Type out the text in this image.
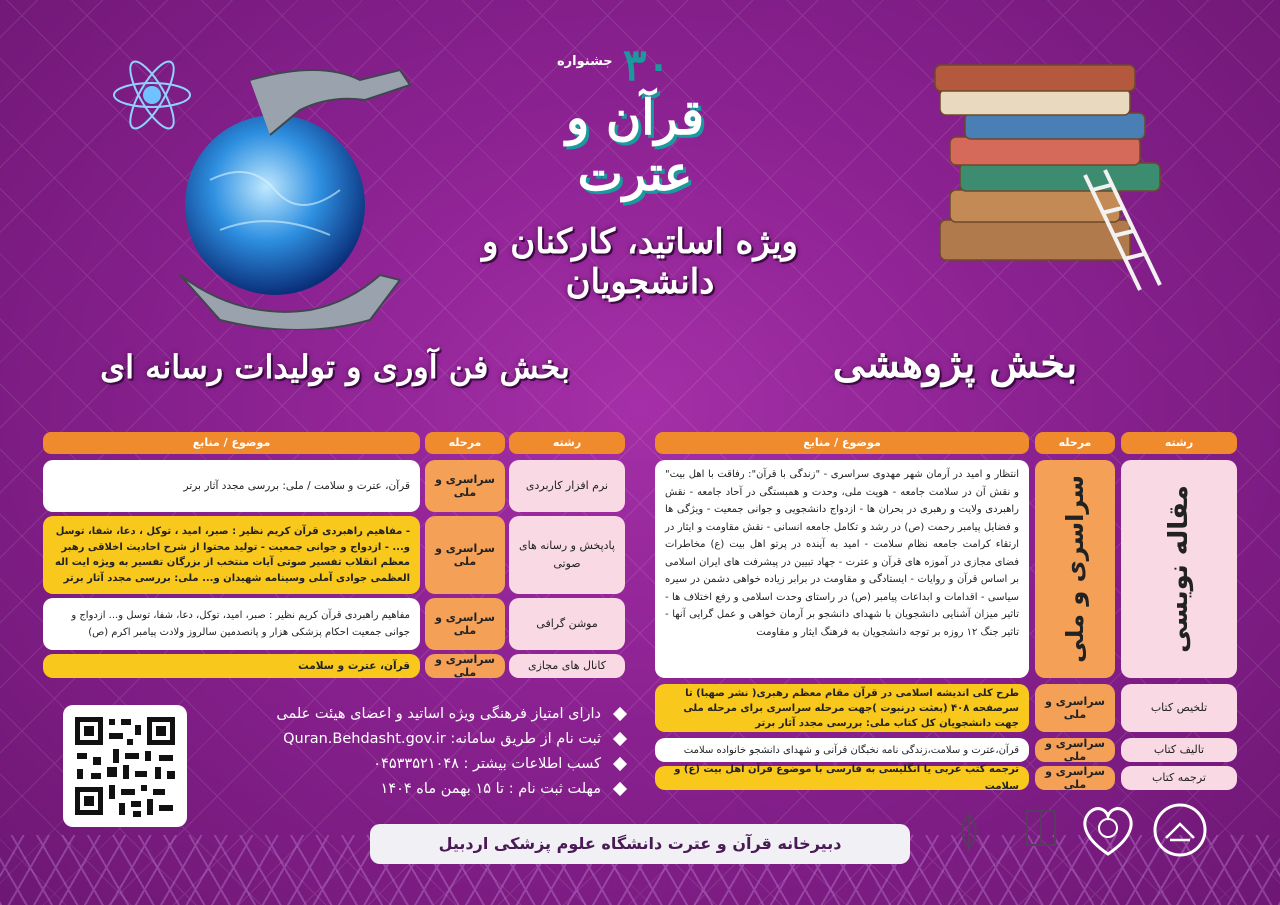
۳۰
جشنواره
قرآن و عترت
ویژه اساتید، کارکنان و دانشجویان
بخش پژوهشی
بخش فن آوری و تولیدات رسانه ای
رشته
مرحله
موضوع / منابع
نرم افزار کاربردی
سراسری و ملی
قرآن، عترت و سلامت / ملی: بررسی مجدد آثار برتر
پادپخش و رسانه های صوتی
سراسری و ملی
- مفاهیم راهبردی قرآن کریم نظیر : صبر، امید ، توکل ، دعا، شفا، توسل و... - ازدواج و جوانی جمعیت - تولید محتوا از شرح احادیث اخلاقی رهبر معظم انقلاب تفسیر صوتی آیات منتخب از بزرگان تفسیر به ویژه ایت اله العظمی جوادی آملی وسینامه شهیدان و... ملی: بررسی مجدد آثار برتر
موشن گرافی
سراسری و ملی
مفاهیم راهبردی قرآن کریم نظیر : صبر، امید، توکل، دعا، شفا، توسل و... ازدواج و جوانی جمعیت احکام پزشکی هزار و پانصدمین سالروز ولادت پیامبر اکرم (ص)
کانال های مجازی
سراسری و ملی
قرآن، عترت و سلامت
رشته
مرحله
موضوع / منابع
مقاله نویسی
سراسری و ملی
انتظار و امید در آرمان شهر مهدوی سراسری - "زندگی با قرآن": رفاقت با اهل بیت" و نقش آن در سلامت جامعه - هویت ملی، وحدت و همبستگی در آحاد جامعه - نقش راهبردی ولایت و رهبری در بحران ها - ازدواج دانشجویی و جوانی جمعیت - ویژگی ها و فضایل پیامبر رحمت (ص) در رشد و تکامل جامعه انسانی - نقش مقاومت و ایثار در ارتقاء کرامت جامعه نظام سلامت - امید به آینده در پرتو اهل بیت (ع) مخاطرات فضای مجازی در آموزه های قرآن و عترت - جهاد تبیین در پیشرفت های ایران اسلامی بر اساس قرآن و روایات - ایستادگی و مقاومت در برابر زیاده خواهی دشمن در سیره سیاسی - اقدامات و ابداعات پیامبر (ص) در راستای وحدت اسلامی و رفع اختلاف ها - تاثیر میزان آشنایی دانشجویان با شهدای دانشجو بر آرمان خواهی و عمل گرایی آنها - تاثیر جنگ ۱۲ روزه بر توجه دانشجویان به فرهنگ ایثار و مقاومت
تلخیص کتاب
سراسری و ملی
طرح کلی اندیشه اسلامی در قرآن مقام معظم رهبری( نشر صهبا) تا سرصفحه ۴۰۸ (بعثت درنبوت )جهت مرحله سراسری برای مرحله ملی جهت دانشجویان کل کتاب ملی: بررسی مجدد آثار برتر
تالیف کتاب
سراسری و ملی
قرآن،عترت و سلامت،زندگی نامه نخبگان قرآنی و شهدای دانشجو خانواده سلامت
ترجمه کتاب
سراسری و ملی
ترجمه کتب عربی یا انگلیسی به فارسی با موضوع قرآن اهل بیت (ع) و سلامت
دارای امتیاز فرهنگی ویژه اساتید و اعضای هیئت علمی
ثبت نام از طریق سامانه: Quran.Behdasht.gov.ir
کسب اطلاعات بیشتر : ۰۴۵۳۳۵۲۱۰۴۸
مهلت ثبت نام : تا ۱۵ بهمن ماه ۱۴۰۴
دبیرخانه قرآن و عترت دانشگاه علوم پزشکی اردبیل
